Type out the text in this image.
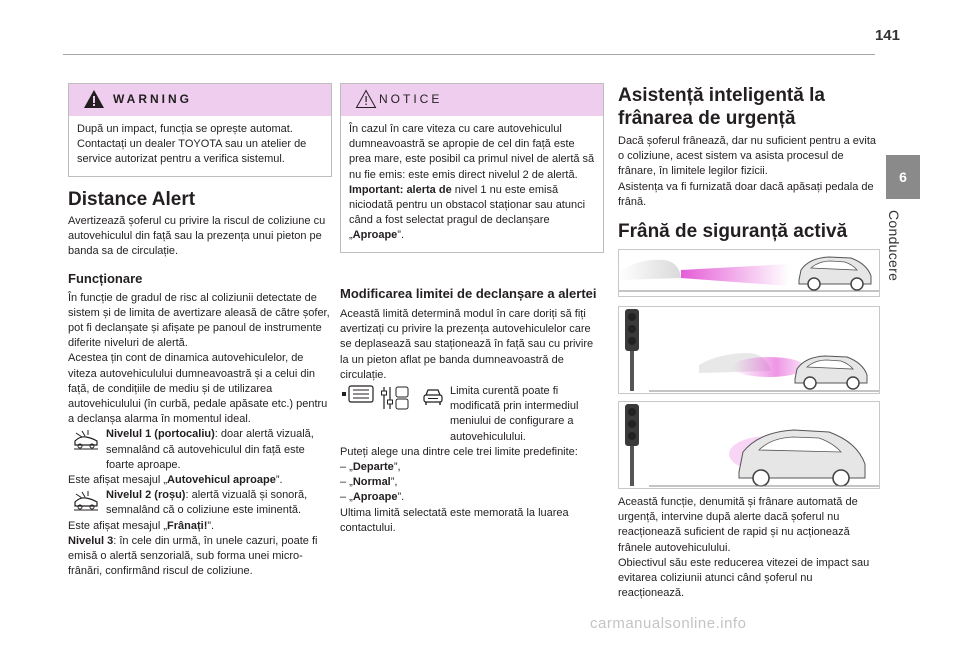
141
6
Conducere
WARNING

După un impact, funcția se oprește automat. Contactați un dealer TOYOTA sau un atelier de service autorizat pentru a verifica sistemul.

Distance Alert

Avertizează șoferul cu privire la riscul de coliziune cu autovehiculul din față sau la prezența unui pieton pe banda sa de circulație.

Funcționare

În funcție de gradul de risc al coliziunii detectate de sistem și de limita de avertizare aleasă de către șofer, pot fi declanșate și afișate pe panoul de instrumente diferite niveluri de alertă.
Acestea țin cont de dinamica autovehiculelor, de viteza autovehiculului dumneavoastră și a celui din față, de condițiile de mediu și de utilizarea autovehiculului (în curbă, pedale apăsate etc.) pentru a declanșa alarma în momentul ideal.

Nivelul 1 (portocaliu): doar alertă vizuală, semnalând că autovehiculul din față este foarte aproape.

Este afișat mesajul „Autovehicul aproape”.

Nivelul 2 (roșu): alertă vizuală și sonoră, semnalând că o coliziune este iminentă.

Este afișat mesajul „Frânați!”.

Nivelul 3: în cele din urmă, în unele cazuri, poate fi emisă o alertă senzorială, sub forma unei micro-frânări, confirmând riscul de coliziune.

NOTICE

În cazul în care viteza cu care autovehiculul dumneavoastră se apropie de cel din față este prea mare, este posibil ca primul nivel de alertă să nu fie emis: este emis direct nivelul 2 de alertă.

Important: alerta de nivel 1 nu este emisă niciodată pentru un obstacol staționar sau atunci când a fost selectat pragul de declanșare „Aproape”.

Modificarea limitei de declanșare a alertei

Această limită determină modul în care doriți să fiți avertizați cu privire la prezența autovehiculelor care se deplasează sau staționează în față sau cu privire la un pieton aflat pe banda dumneavoastră de circulație.

Limita curentă poate fi modificată prin intermediul meniului de configurare a autovehiculului.

Puteți alege una dintre cele trei limite predefinite:

– „Departe”,

– „Normal”,

– „Aproape”.

Ultima limită selectată este memorată la luarea contactului.

Asistență inteligentă la frânarea de urgență

Dacă șoferul frânează, dar nu suficient pentru a evita o coliziune, acest sistem va asista procesul de frânare, în limitele legilor fizicii.
Asistența va fi furnizată doar dacă apăsați pedala de frână.

Frână de siguranță activă

Această funcție, denumită și frânare automată de urgență, intervine după alerte dacă șoferul nu reacționează suficient de rapid și nu acționează frânele autovehiculului.
Obiectivul său este reducerea vitezei de impact sau evitarea coliziunii atunci când șoferul nu reacționează.

carmanualsonline.info
